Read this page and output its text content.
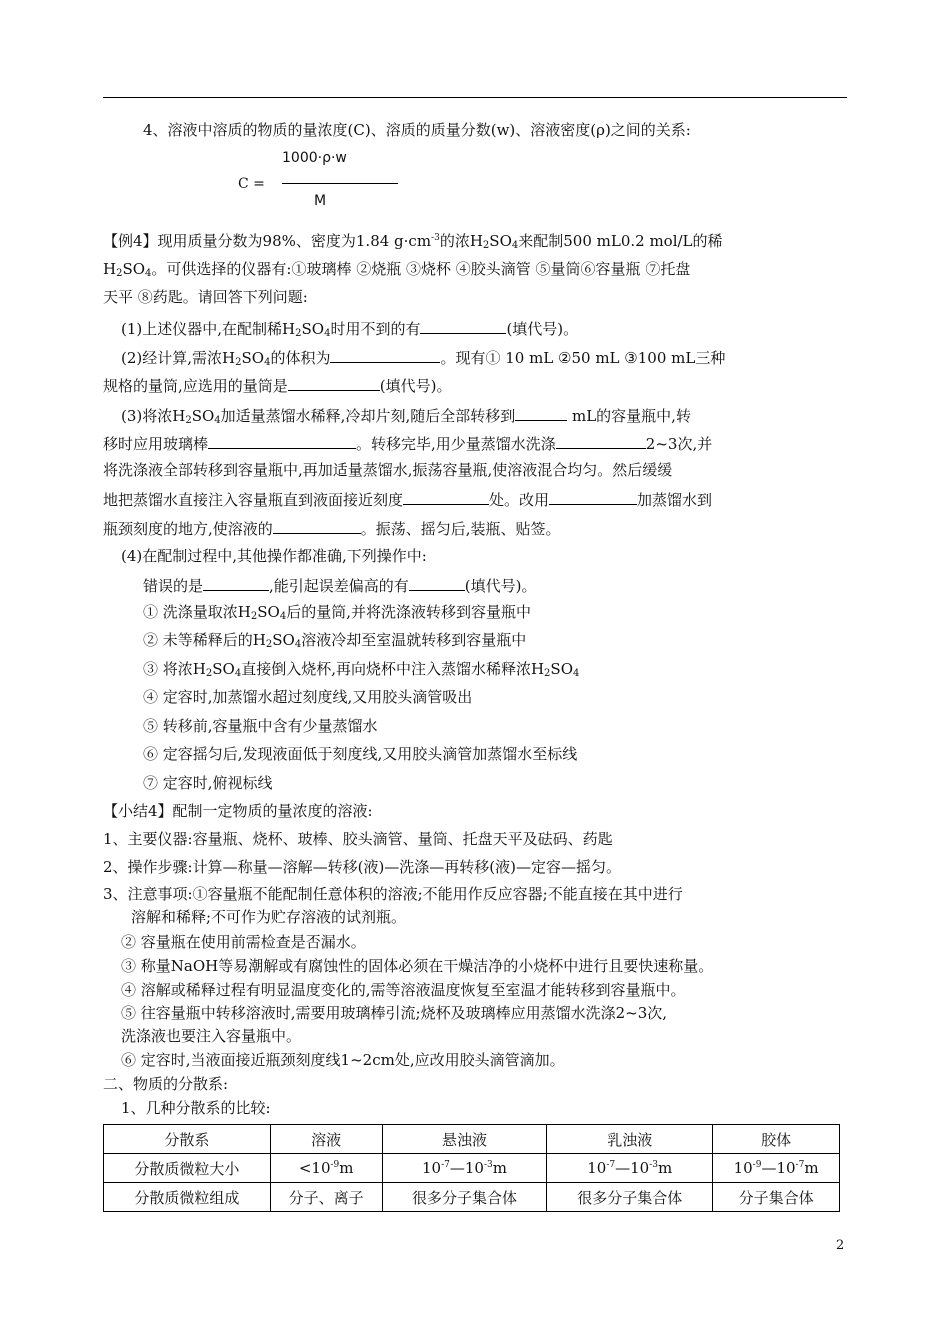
4、溶液中溶质的物质的量浓度(C)、溶质的质量分数(w)、溶液密度(ρ)之间的关系:
1000·ρ·w
C =
M
【例4】现用质量分数为98%、密度为1.84 $g\cdot cm^{-3}$的浓$H_2SO_4$来配制500 mL0.2 mol/L的稀
$H_2SO_4$。可供选择的仪器有:①玻璃棒 ②烧瓶 ③烧杯 ④胶头滴管 ⑤量筒⑥容量瓶 ⑦托盘
天平 ⑧药匙。请回答下列问题:
(1)上述仪器中,在配制稀$H_2SO_4$时用不到的有	(填代号)。
(2)经计算,需浓$H_2SO_4$的体积为	。现有① 10 mL ②50 mL ③100 mL三种
规格的量筒,应选用的量筒是	(填代号)。
(3)将浓$H_2SO_4$加适量蒸馏水稀释,冷却片刻,随后全部转移到	mL的容量瓶中,转
移时应用玻璃棒	。转移完毕,用少量蒸馏水洗涤	2~3次,并
将洗涤液全部转移到容量瓶中,再加适量蒸馏水,振荡容量瓶,使溶液混合均匀。然后缓缓
地把蒸馏水直接注入容量瓶直到液面接近刻度	处。改用	加蒸馏水到
瓶颈刻度的地方,使溶液的	。振荡、摇匀后,装瓶、贴签。
(4)在配制过程中,其他操作都准确,下列操作中:
错误的是	,能引起误差偏高的有	(填代号)。
① 洗涤量取浓$H_2SO_4$后的量筒,并将洗涤液转移到容量瓶中
② 未等稀释后的$H_2SO_4$溶液冷却至室温就转移到容量瓶中
③ 将浓$H_2SO_4$直接倒入烧杯,再向烧杯中注入蒸馏水稀释浓$H_2SO_4$
④ 定容时,加蒸馏水超过刻度线,又用胶头滴管吸出
⑤ 转移前,容量瓶中含有少量蒸馏水
⑥ 定容摇匀后,发现液面低于刻度线,又用胶头滴管加蒸馏水至标线
⑦ 定容时,俯视标线
【小结4】配制一定物质的量浓度的溶液:
1、主要仪器:容量瓶、烧杯、玻棒、胶头滴管、量筒、托盘天平及砝码、药匙
2、操作步骤:计算—称量—溶解—转移(液)—洗涤—再转移(液)—定容—摇匀。
3、注意事项:①容量瓶不能配制任意体积的溶液;不能用作反应容器;不能直接在其中进行
溶解和稀释;不可作为贮存溶液的试剂瓶。
② 容量瓶在使用前需检查是否漏水。
③ 称量NaOH等易潮解或有腐蚀性的固体必须在干燥洁净的小烧杯中进行且要快速称量。
④ 溶解或稀释过程有明显温度变化的,需等溶液温度恢复至室温才能转移到容量瓶中。
⑤ 往容量瓶中转移溶液时,需要用玻璃棒引流;烧杯及玻璃棒应用蒸馏水洗涤2~3次,
洗涤液也要注入容量瓶中。
⑥ 定容时,当液面接近瓶颈刻度线1~2cm处,应改用胶头滴管滴加。
二、物质的分散系:
1、几种分散系的比较:
分散系	溶液	悬浊液	乳浊液	胶体
分散质微粒大小	$<10^{-9}m$	$10^{-7}—10^{-3}m$	$10^{-7}—10^{-3}m$	$10^{-9}—10^{-7}m$
分散质微粒组成	分子、离子	很多分子集合体	很多分子集合体	分子集合体
2
